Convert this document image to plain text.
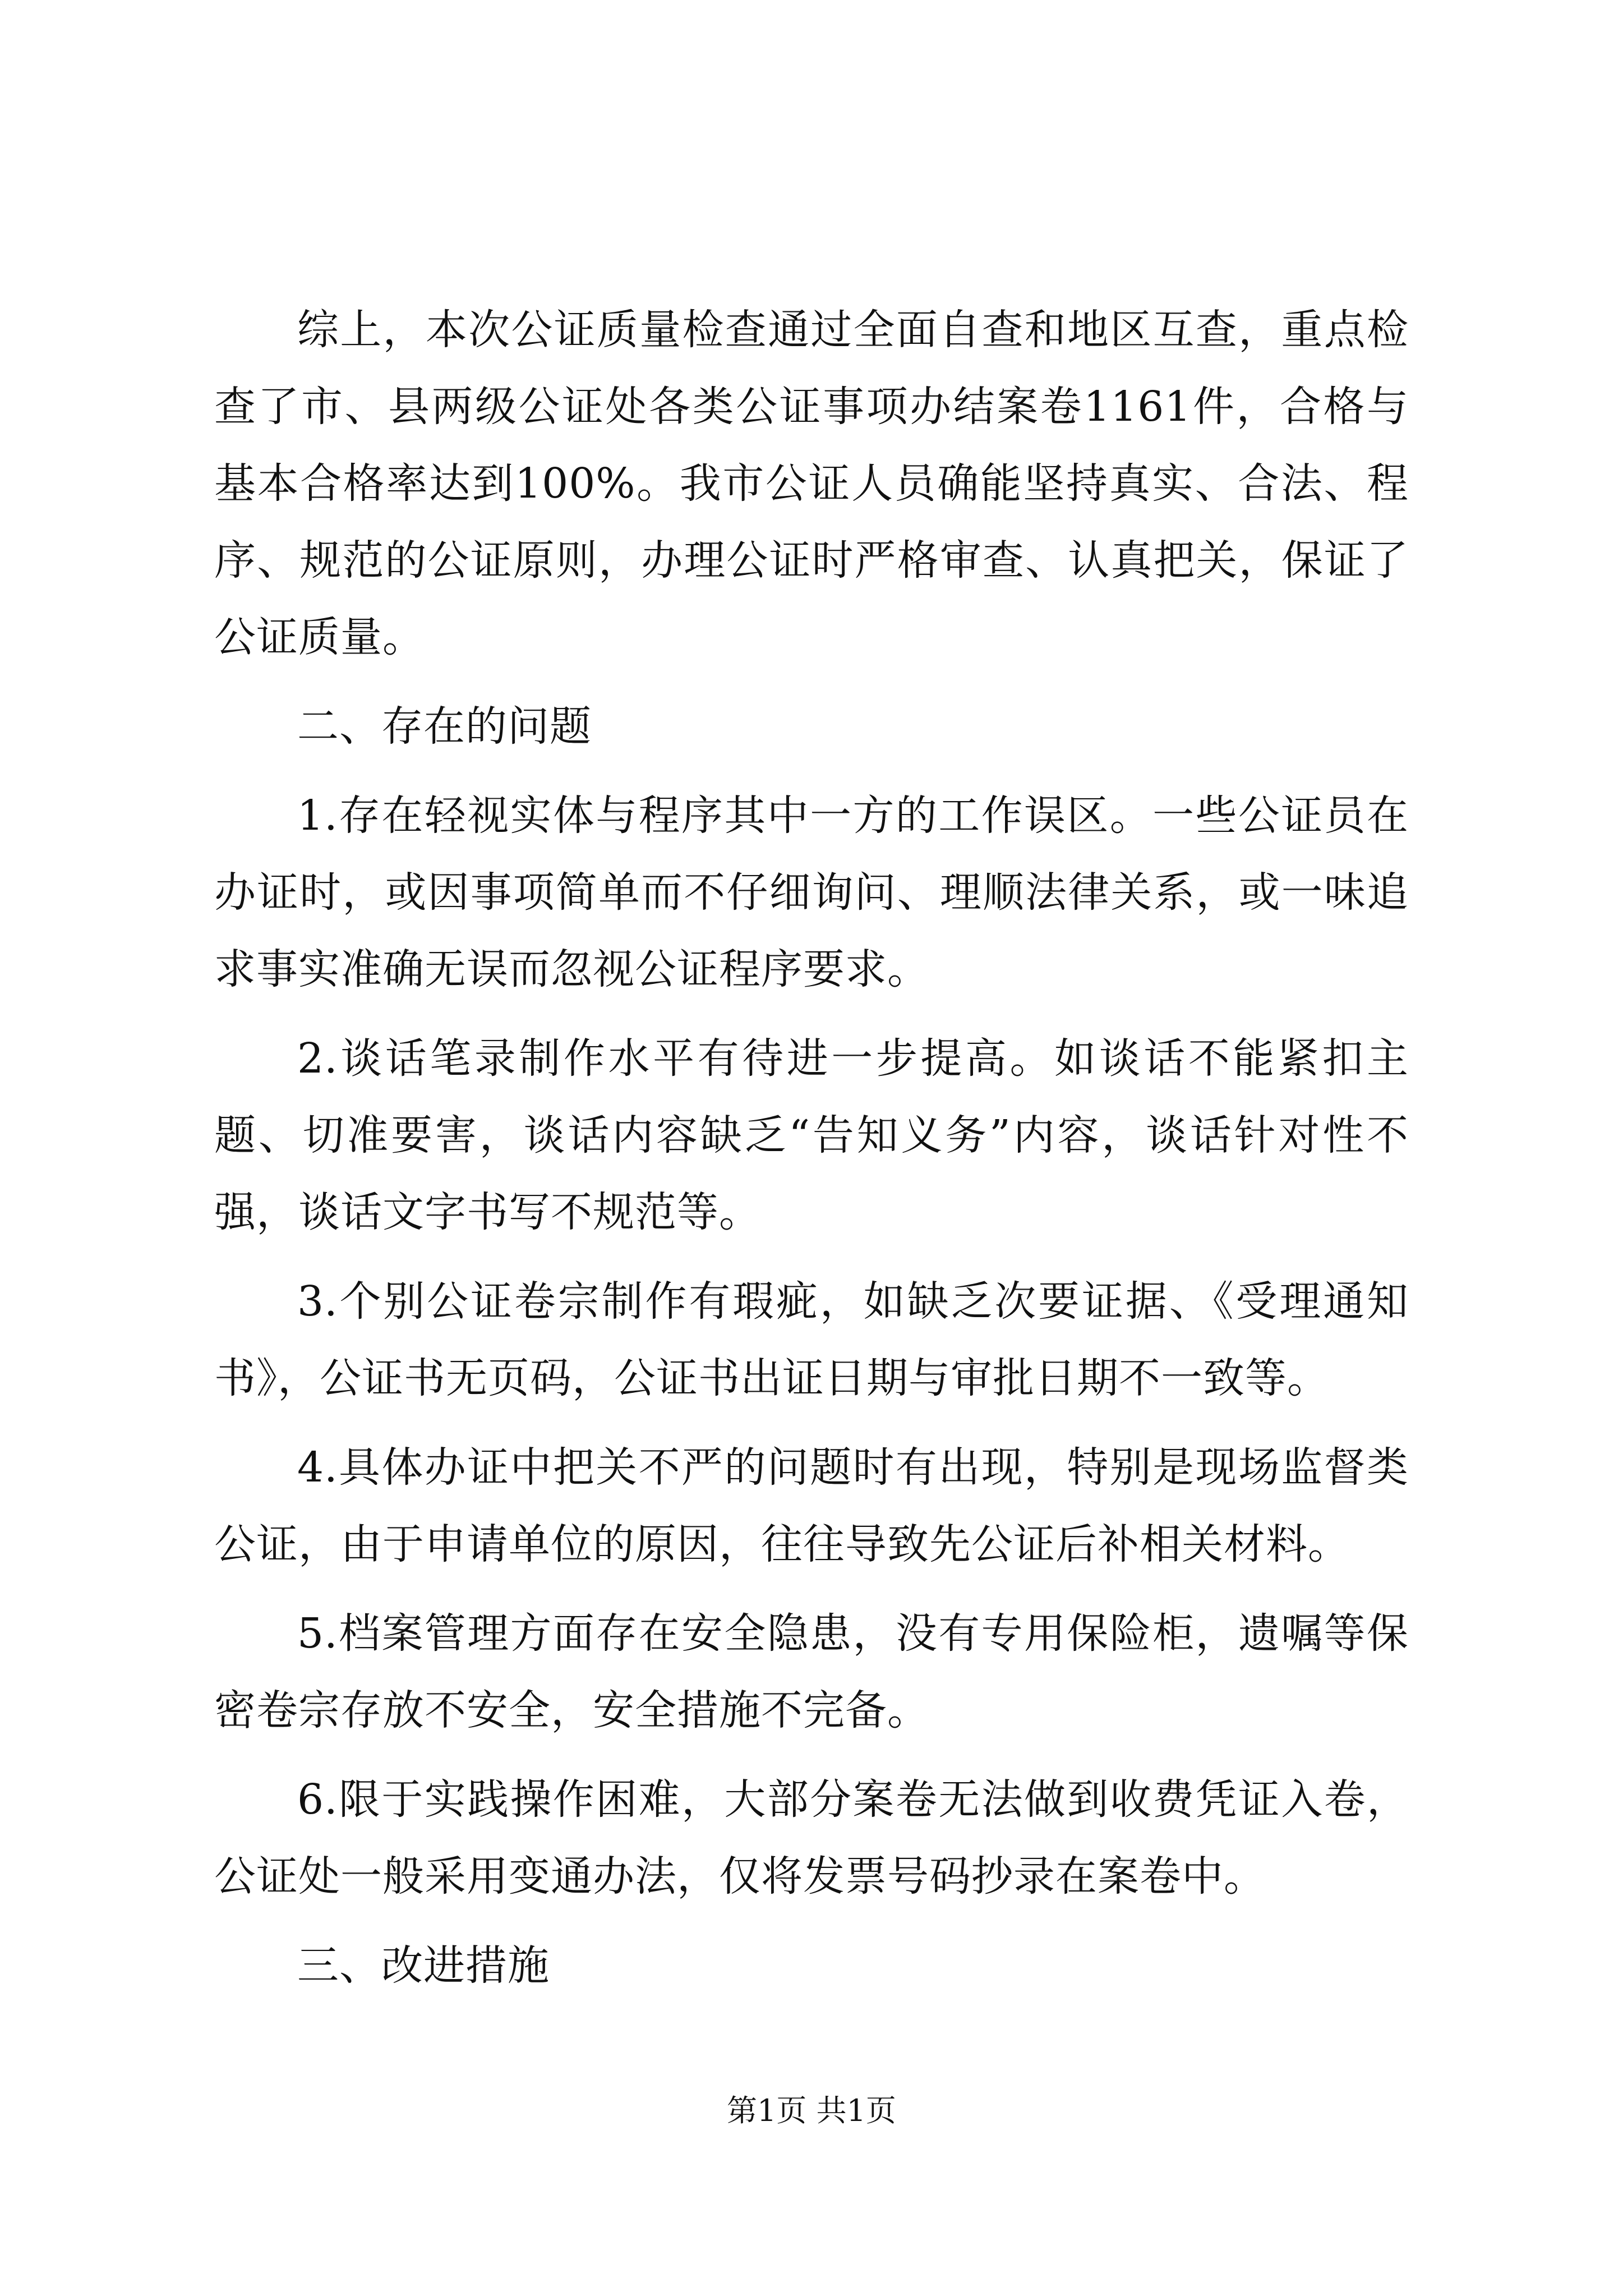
综上，本次公证质量检查通过全面自查和地区互查，重点检查了市、县两级公证处各类公证事项办结案卷1161件，合格与基本合格率达到100%。我市公证人员确能坚持真实、合法、程序、规范的公证原则，办理公证时严格审查、认真把关，保证了公证质量。

二、存在的问题

1.存在轻视实体与程序其中一方的工作误区。一些公证员在办证时，或因事项简单而不仔细询问、理顺法律关系，或一味追求事实准确无误而忽视公证程序要求。

2.谈话笔录制作水平有待进一步提高。如谈话不能紧扣主题、切准要害，谈话内容缺乏“告知义务”内容，谈话针对性不强，谈话文字书写不规范等。

3.个别公证卷宗制作有瑕疵，如缺乏次要证据、《受理通知书》，公证书无页码，公证书出证日期与审批日期不一致等。

4.具体办证中把关不严的问题时有出现，特别是现场监督类公证，由于申请单位的原因，往往导致先公证后补相关材料。

5.档案管理方面存在安全隐患，没有专用保险柜，遗嘱等保密卷宗存放不安全，安全措施不完备。

6.限于实践操作困难，大部分案卷无法做到收费凭证入卷，公证处一般采用变通办法，仅将发票号码抄录在案卷中。

三、改进措施

第1页 共1页
